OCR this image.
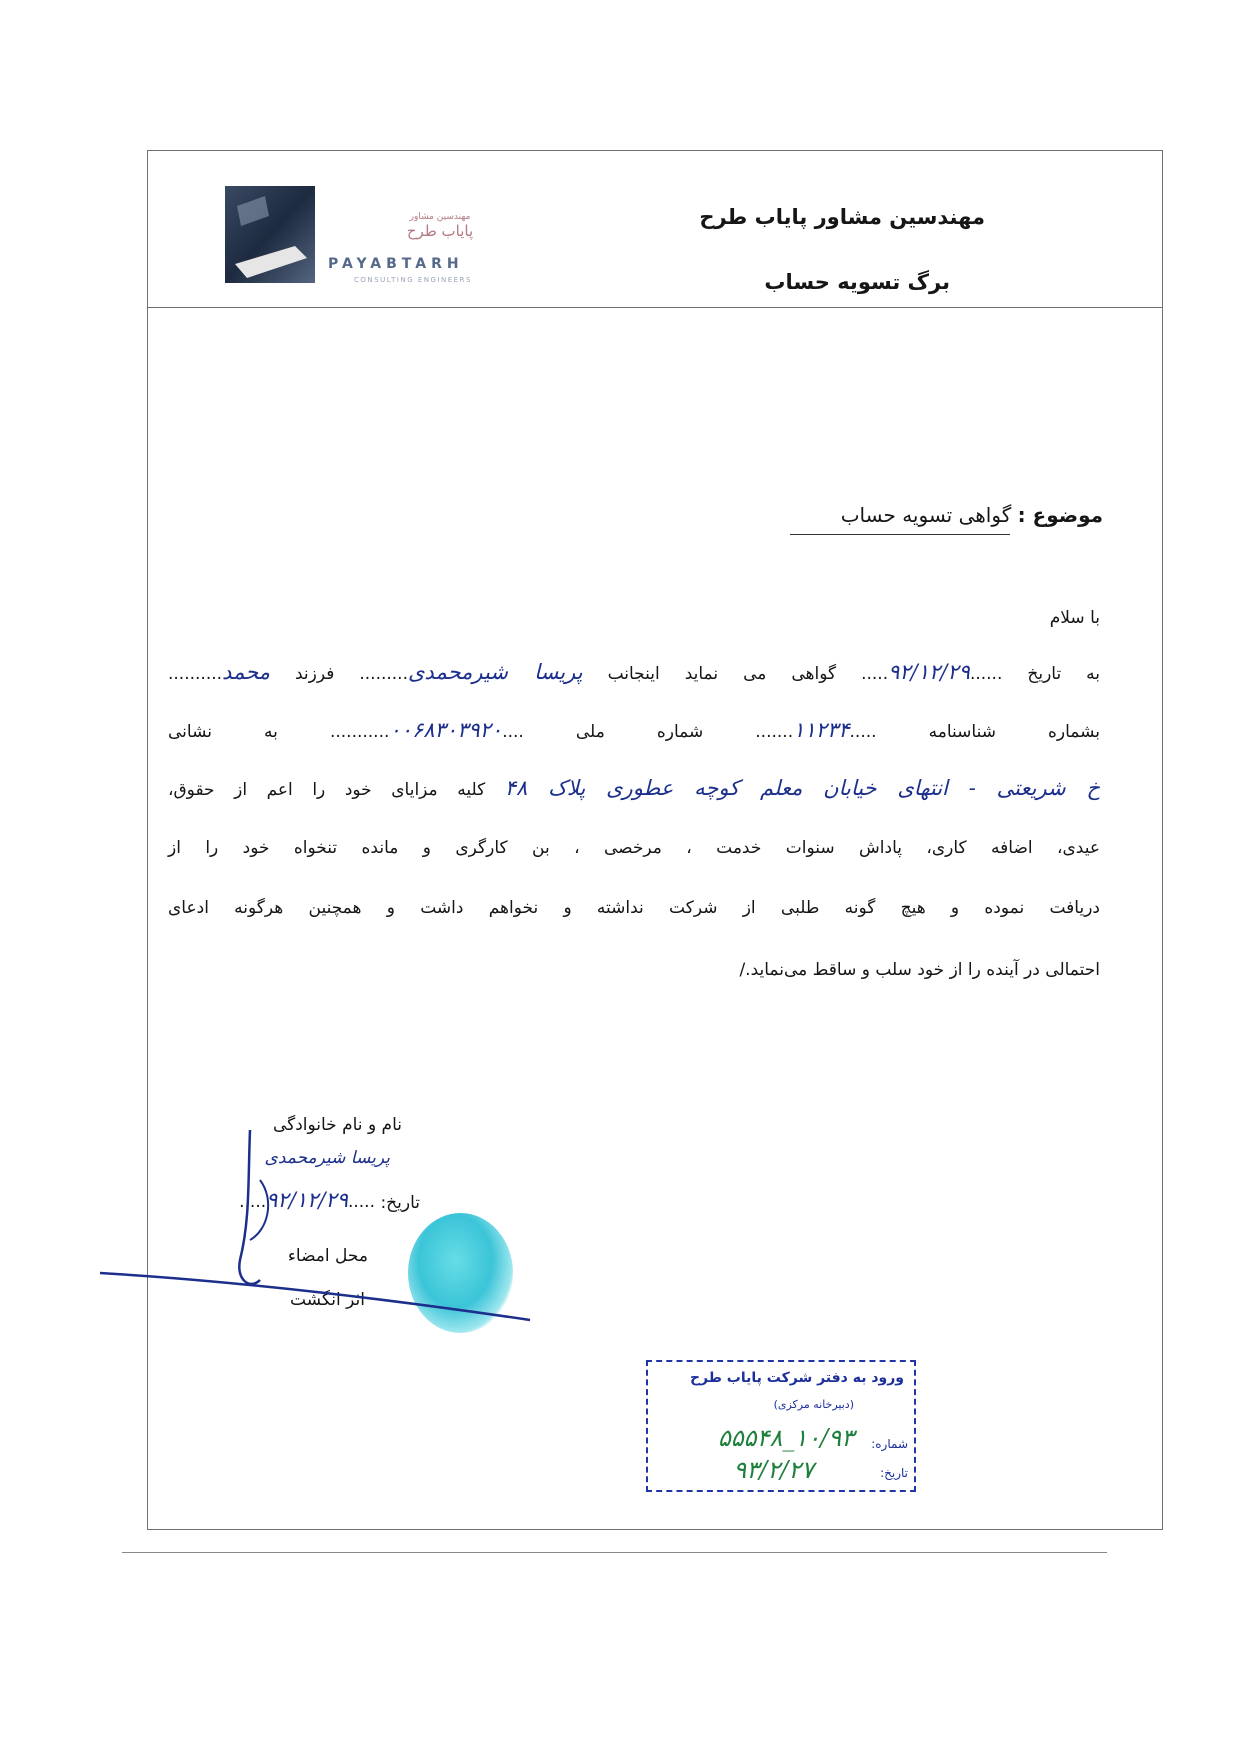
مهندسین مشاور پایاب طرح
برگ تسویه حساب
مهندسین مشاور
پایاب طرح
PAYABTARH
CONSULTING ENGINEERS
موضوع : گواهی تسویه حساب
با سلام
به تاریخ ......۹۲/۱۲/۲۹..... گواهی می نماید اینجانب پریسا شیرمحمدی......... فرزند محمد..........
بشماره شناسنامه .....۱۱۲۳۴....... شماره ملی ....۰۰۶۸۳۰۳۹۲۰........... به نشانی
خ شریعتی - انتهای خیابان معلم کوچه عطوری پلاک ۴۸ کلیه مزایای خود را اعم از حقوق،
عیدی، اضافه کاری، پاداش سنوات خدمت ، مرخصی ، بن کارگری و مانده تنخواه خود را از
دریافت نموده و هیچ گونه طلبی از شرکت نداشته و نخواهم داشت و همچنین هرگونه ادعای
احتمالی در آینده را از خود سلب و ساقط می‌نماید./
نام و نام خانوادگی
پریسا شیرمحمدی
تاریخ:
.....۹۲/۱۲/۲۹.....
محل امضاء
اثر انگشت
ورود به دفتر شرکت پایاب طرح
(دبیرخانه مرکزی)
شماره:
۱۰/۹۳_۵۵۵۴۸
تاریخ:
۹۳/۲/۲۷
